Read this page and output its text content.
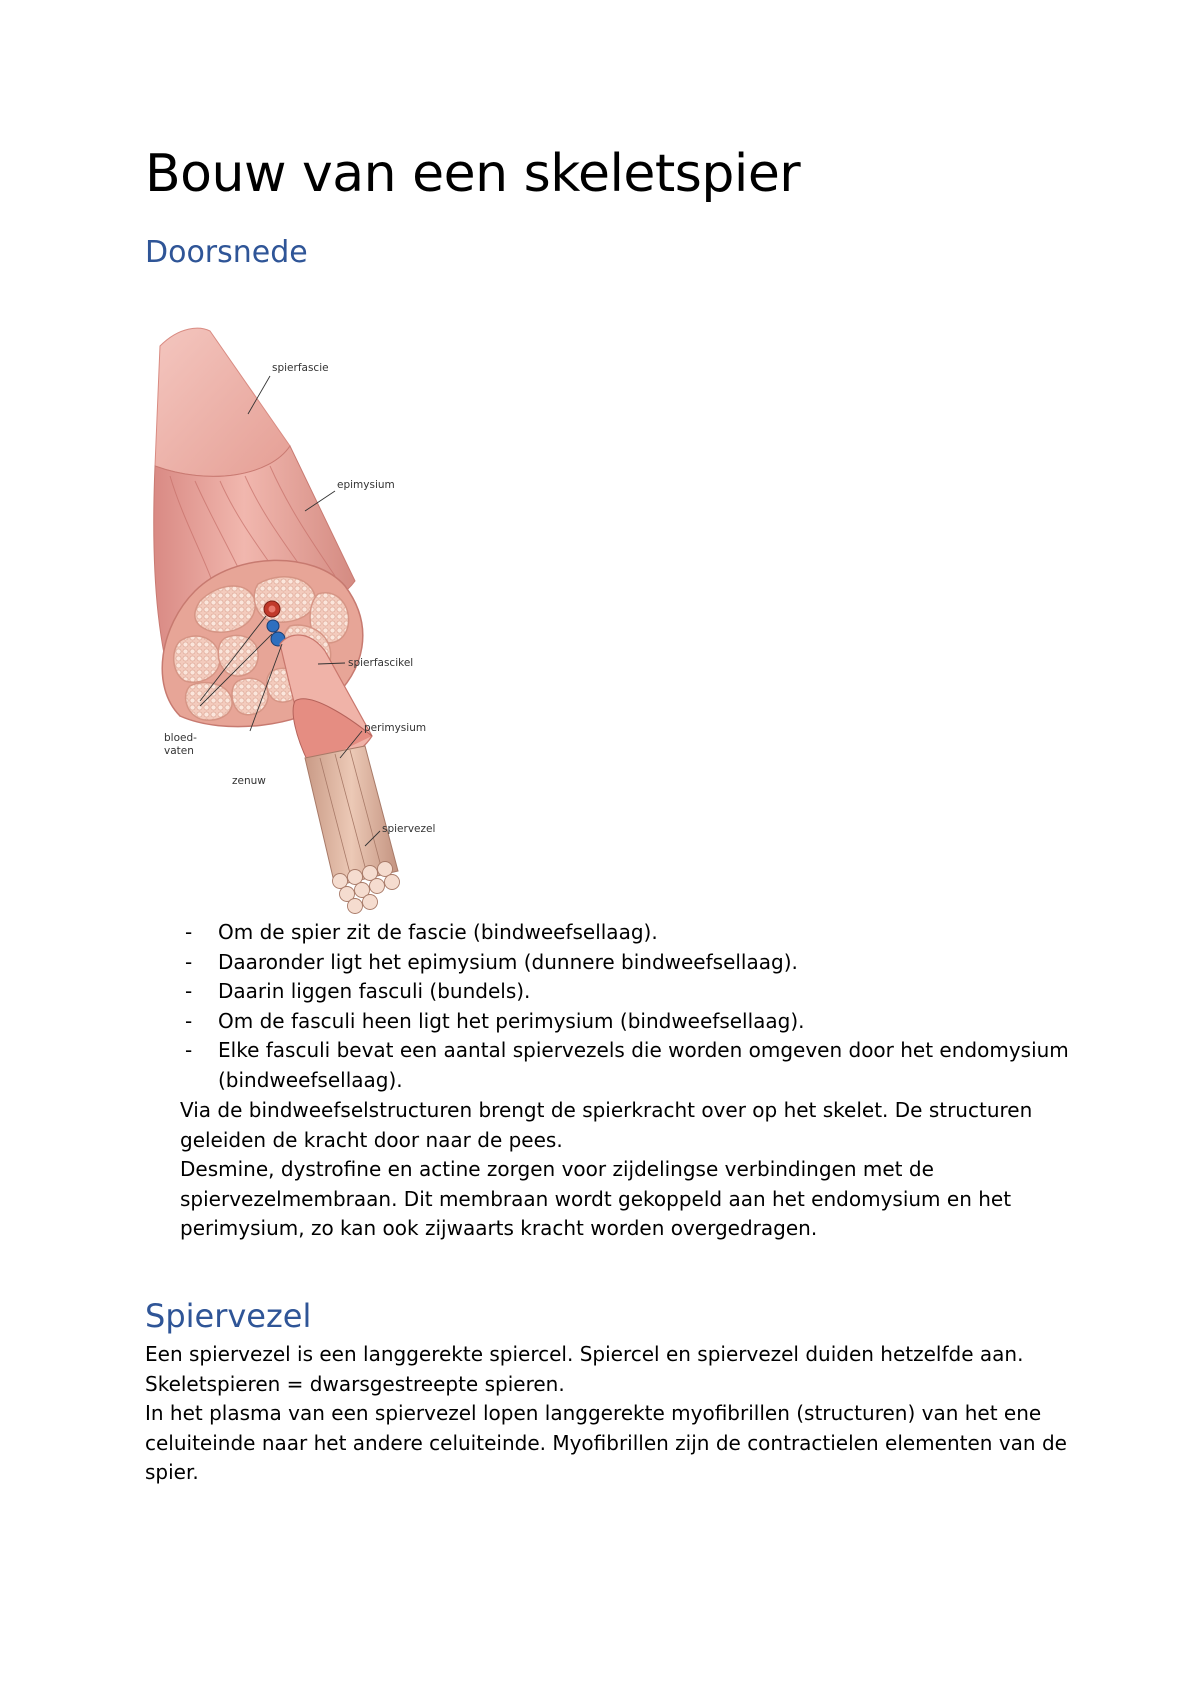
Bouw van een skeletspier
Doorsnede
spierfascie
epimysium
spierfascikel
bloed-
vaten
perimysium
zenuw
spiervezel
- Om de spier zit de fascie (bindweefsellaag).
- Daaronder ligt het epimysium (dunnere bindweefsellaag).
- Daarin liggen fasculi (bundels).
- Om de fasculi heen ligt het perimysium (bindweefsellaag).
- Elke fasculi bevat een aantal spiervezels die worden omgeven door het endomysium (bindweefsellaag).

Via de bindweefselstructuren brengt de spierkracht over op het skelet. De structuren geleiden de kracht door naar de pees.

Desmine, dystrofine en actine zorgen voor zijdelingse verbindingen met de spiervezelmembraan. Dit membraan wordt gekoppeld aan het endomysium en het perimysium, zo kan ook zijwaarts kracht worden overgedragen.

Spiervezel

Een spiervezel is een langgerekte spiercel. Spiercel en spiervezel duiden hetzelfde aan.

Skeletspieren = dwarsgestreepte spieren.

In het plasma van een spiervezel lopen langgerekte myofibrillen (structuren) van het ene celuiteinde naar het andere celuiteinde. Myofibrillen zijn de contractielen elementen van de spier.
